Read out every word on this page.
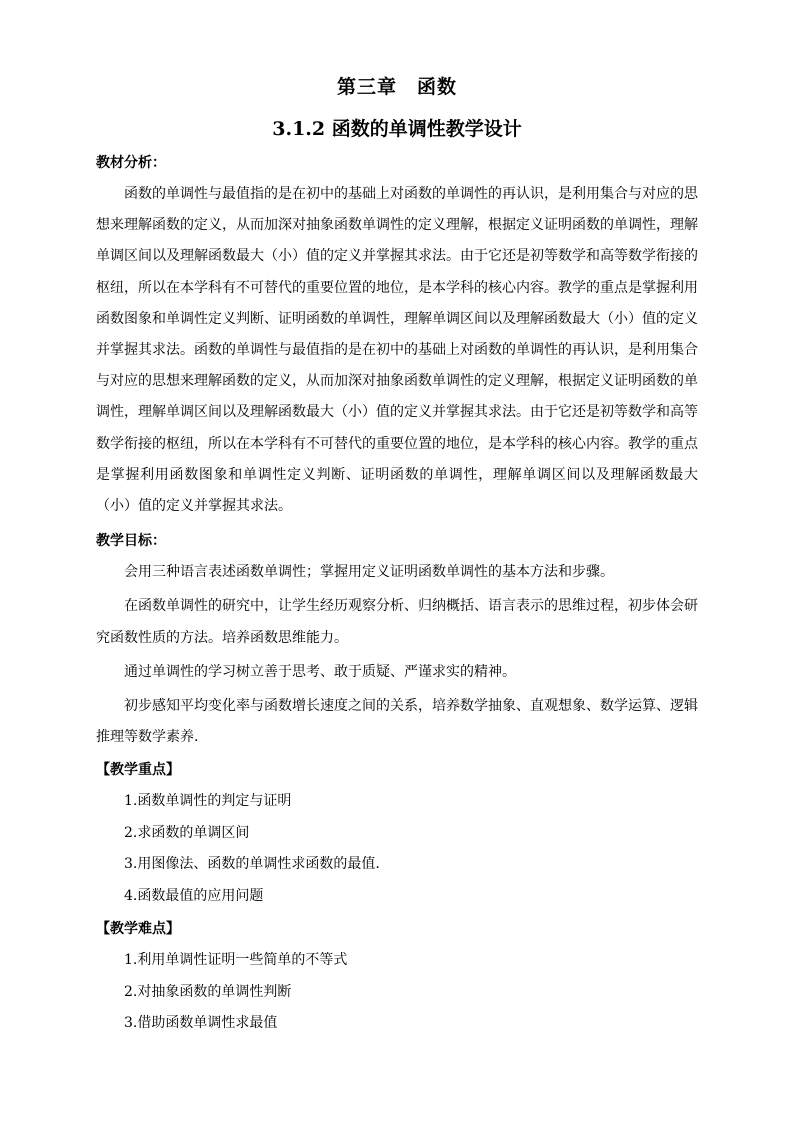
第三章　函数
3.1.2 函数的单调性教学设计
教材分析：

函数的单调性与最值指的是在初中的基础上对函数的单调性的再认识，是利用集合与对应的思想来理解函数的定义，从而加深对抽象函数单调性的定义理解，根据定义证明函数的单调性，理解单调区间以及理解函数最大（小）值的定义并掌握其求法。由于它还是初等数学和高等数学衔接的枢纽，所以在本学科有不可替代的重要位置的地位，是本学科的核心内容。教学的重点是掌握利用函数图象和单调性定义判断、证明函数的单调性，理解单调区间以及理解函数最大（小）值的定义并掌握其求法。函数的单调性与最值指的是在初中的基础上对函数的单调性的再认识，是利用集合与对应的思想来理解函数的定义，从而加深对抽象函数单调性的定义理解，根据定义证明函数的单调性，理解单调区间以及理解函数最大（小）值的定义并掌握其求法。由于它还是初等数学和高等数学衔接的枢纽，所以在本学科有不可替代的重要位置的地位，是本学科的核心内容。教学的重点是掌握利用函数图象和单调性定义判断、证明函数的单调性，理解单调区间以及理解函数最大（小）值的定义并掌握其求法。

教学目标：

会用三种语言表述函数单调性；掌握用定义证明函数单调性的基本方法和步骤。

在函数单调性的研究中，让学生经历观察分析、归纳概括、语言表示的思维过程，初步体会研究函数性质的方法。培养函数思维能力。

通过单调性的学习树立善于思考、敢于质疑、严谨求实的精神。

初步感知平均变化率与函数增长速度之间的关系，培养数学抽象、直观想象、数学运算、逻辑推理等数学素养.

【教学重点】
1.函数单调性的判定与证明
2.求函数的单调区间
3.用图像法、函数的单调性求函数的最值.
4.函数最值的应用问题
【教学难点】
1.利用单调性证明一些简单的不等式
2.对抽象函数的单调性判断
3.借助函数单调性求最值
